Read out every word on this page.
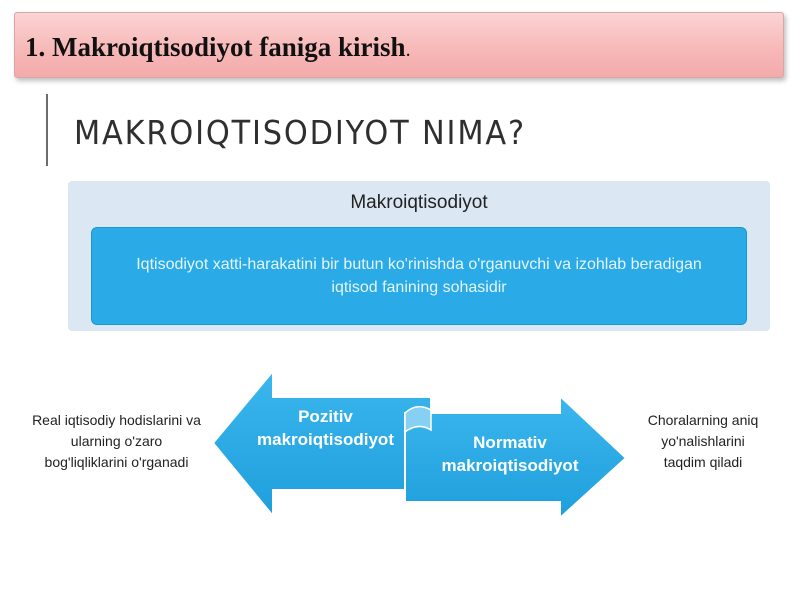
1. Makroiqtisodiyot faniga kirish.
MAKROIQTISODIYOT NIMA?
Makroiqtisodiyot
Iqtisodiyot xatti-harakatini bir butun ko'rinishda o'rganuvchi va izohlab beradigan iqtisod fanining sohasidir
Pozitiv
makroiqtisodiyot	Normativ
makroiqtisodiyot
Real iqtisodiy hodislarini va
ularning o'zaro
bog'liqliklarini o'rganadi
Choralarning aniq
yo'nalishlarini
taqdim qiladi
